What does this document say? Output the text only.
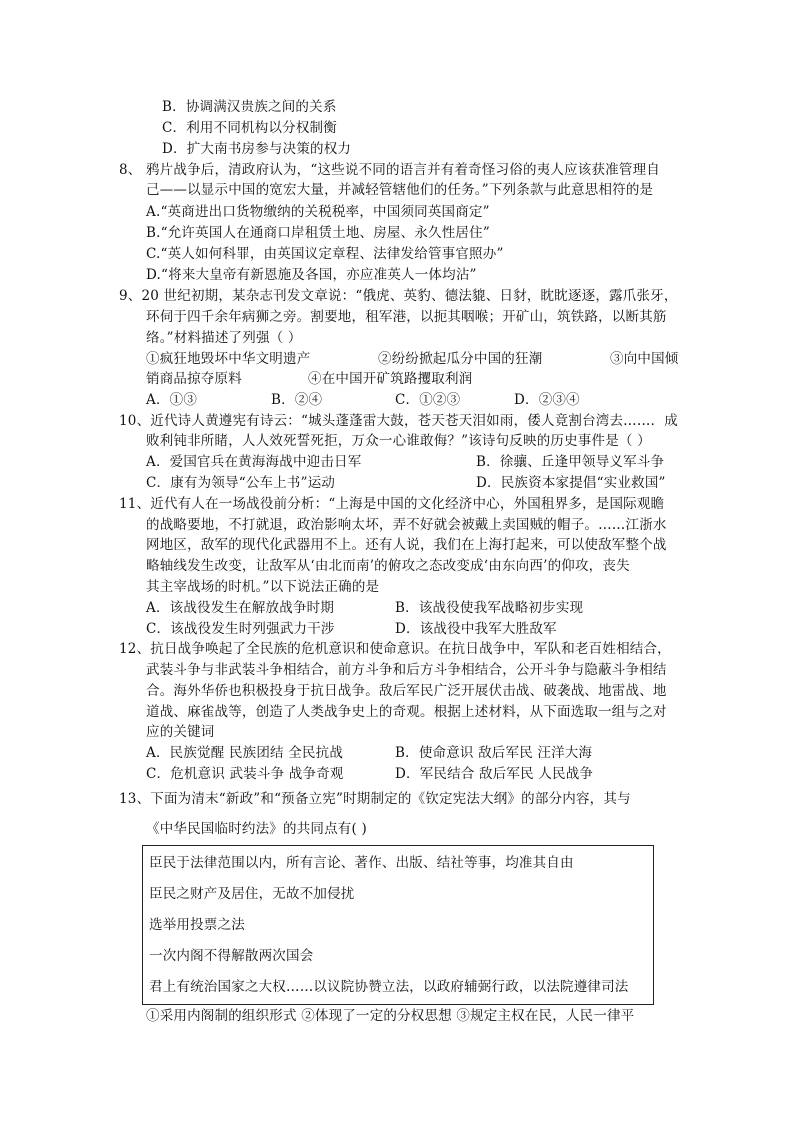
B．协调满汉贵族之间的关系
C．利用不同机构以分权制衡
D．扩大南书房参与决策的权力
8、 鸦片战争后，清政府认为，“这些说不同的语言并有着奇怪习俗的夷人应该获准管理自
己——以显示中国的宽宏大量，并减轻管辖他们的任务。”下列条款与此意思相符的是
A.“英商进出口货物缴纳的关税税率，中国须同英国商定”
B.“允许英国人在通商口岸租赁土地、房屋、永久性居住”
C.“英人如何科罪，由英国议定章程、法律发给管事官照办”
D.“将来大皇帝有新恩施及各国，亦应准英人一体均沾”
9、20 世纪初期，某杂志刊发文章说：“俄虎、英豹、德法貔、日豺，眈眈逐逐，露爪张牙，
环伺于四千余年病狮之旁。割要地，租军港，以扼其咽喉；开矿山，筑铁路，以断其筋
络。”材料描述了列强（ ）
①疯狂地毁坏中华文明遗产	②纷纷掀起瓜分中国的狂潮	③向中国倾
销商品掠夺原料	④在中国开矿筑路攫取利润
A．①③	B．②④	C．①②③	D．②③④
10、近代诗人黄遵宪有诗云：“城头蓬蓬雷大鼓，苍天苍天泪如雨，倭人竟割台湾去……．成
败利钝非所睹，人人效死誓死拒，万众一心谁敢侮？”该诗句反映的历史事件是（ ）
A．爱国官兵在黄海海战中迎击日军	B．徐骧、丘逢甲领导义军斗争
C．康有为领导“公车上书”运动	D．民族资本家提倡“实业救国”
11、近代有人在一场战役前分析：“上海是中国的文化经济中心，外国租界多，是国际观瞻
的战略要地，不打就退，政治影响太坏，弄不好就会被戴上卖国贼的帽子。……江浙水
网地区，敌军的现代化武器用不上。还有人说，我们在上海打起来，可以使敌军整个战
略轴线发生改变，让敌军从‘由北而南’的俯攻之态改变成‘由东向西’的仰攻，丧失
其主宰战场的时机。”以下说法正确的是
A．该战役发生在解放战争时期	B．该战役使我军战略初步实现
C．该战役发生时列强武力干涉	D．该战役中我军大胜敌军
12、抗日战争唤起了全民族的危机意识和使命意识。在抗日战争中，军队和老百姓相结合，
武装斗争与非武装斗争相结合，前方斗争和后方斗争相结合，公开斗争与隐蔽斗争相结
合。海外华侨也积极投身于抗日战争。敌后军民广泛开展伏击战、破袭战、地雷战、地
道战、麻雀战等，创造了人类战争史上的奇观。根据上述材料，从下面选取一组与之对
应的关键词
A．民族觉醒 民族团结 全民抗战	B．使命意识 敌后军民 汪洋大海
C．危机意识 武装斗争 战争奇观	D．军民结合 敌后军民 人民战争
13、下面为清末“新政”和“预备立宪”时期制定的《钦定宪法大纲》的部分内容，其与
《中华民国临时约法》的共同点有( )
臣民于法律范围以内，所有言论、著作、出版、结社等事，均准其自由
臣民之财产及居住，无故不加侵扰
选举用投票之法
一次内阁不得解散两次国会
君上有统治国家之大权……以议院协赞立法，以政府辅弼行政，以法院遵律司法
①采用内阁制的组织形式 ②体现了一定的分权思想 ③规定主权在民，人民一律平
